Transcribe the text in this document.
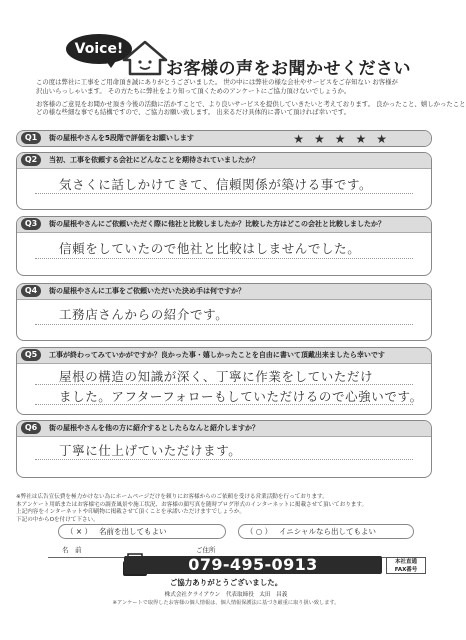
Voice!
お客様の声をお聞かせください

この度は弊社に工事をご用命頂き誠にありがとうございました。 世の中には弊社の様な会社やサービスをご存知ない お客様が

沢山いらっしゃいます。 その方たちに弊社をより知って頂くためのアンケートにご協力頂けないでしょうか。

お客様のご意見をお聞かせ頂き今後の活動に活かすことで、より良いサービスを提供していきたいと考えております。 良かったこと、嬉しかったこと

どの様な些細な事でも結構ですので、ご協力お願い致します。 出来るだけ具体的に書いて頂ければ幸いです。

Q1	街の屋根やさんを5段階で評価をお願いします	★★★★★
Q2	当初、工事を依頼する会社にどんなことを期待されていましたか？
気さくに話しかけてきて、信頼関係が築ける事です。
Q3	街の屋根やさんにご依頼いただく際に他社と比較しましたか？比較した方はどこの会社と比較しましたか？
信頼をしていたので他社と比較はしませんでした。
Q4	街の屋根やさんに工事をご依頼いただいた決め手は何ですか？
工務店さんからの紹介です。
Q5	工事が終わってみていかがですか？良かった事・嬉しかったことを自由に書いて頂戴出来ましたら幸いです
屋根の構造の知識が深く、丁寧に作業をしていただけ
ました。アフターフォローもしていただけるので心強いです。
Q6	街の屋根やさんを他の方に紹介するとしたらなんと紹介しますか？
丁寧に仕上げていただけます。

※弊社は広告宣伝費を極力かけない為にホームページだけを頼りにお客様からのご依頼を受ける営業活動を行っております。

本アンケート用紙またはお客様宅の調査風景や施工状況、お客様の顔写真を随時ブログ形式のインターネットに掲載させて頂いております。

上記内容をインターネットや印刷物に掲載させて頂くことを承諾いただけますでしょうか。

下記の中からOを付けて下さい。

（ × ） 名前を出してもよい	（ ○ ） イニシャルなら出してもよい
名　前	ご住所
079-495-0913	本社直通
FAX番号
ご協力ありがとうございました。
株式会社クライアウン　代表取締役　太田　昌義
※アンケートで取得したお客様の個人情報は、個人情報保護法に基づき厳重に取り扱い致します。
